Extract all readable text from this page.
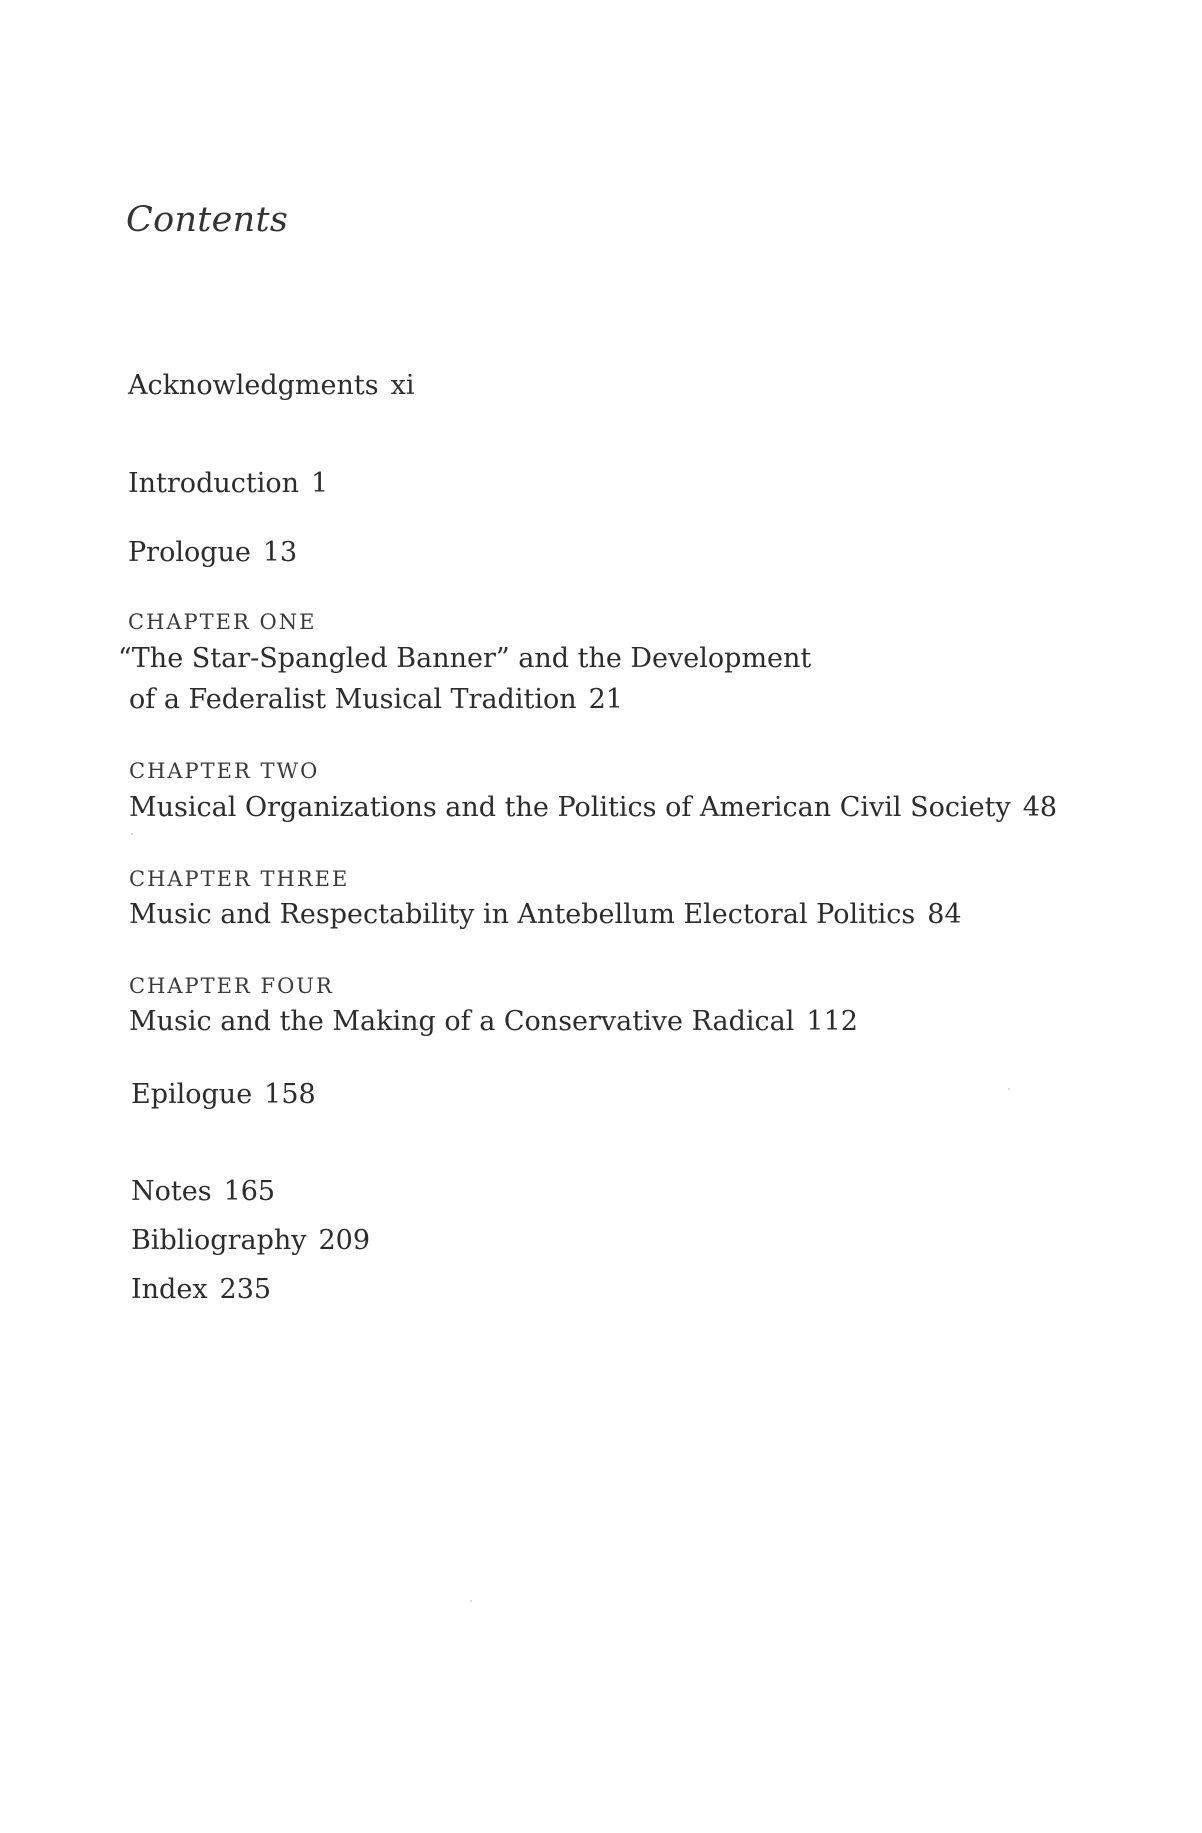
Contents
Acknowledgments xi
Introduction 1
Prologue 13
CHAPTER ONE
“The Star-Spangled Banner” and the Development
of a Federalist Musical Tradition 21
CHAPTER TWO
Musical Organizations and the Politics of American Civil Society 48
CHAPTER THREE
Music and Respectability in Antebellum Electoral Politics 84
CHAPTER FOUR
Music and the Making of a Conservative Radical 112
Epilogue 158
Notes 165
Bibliography 209
Index 235
